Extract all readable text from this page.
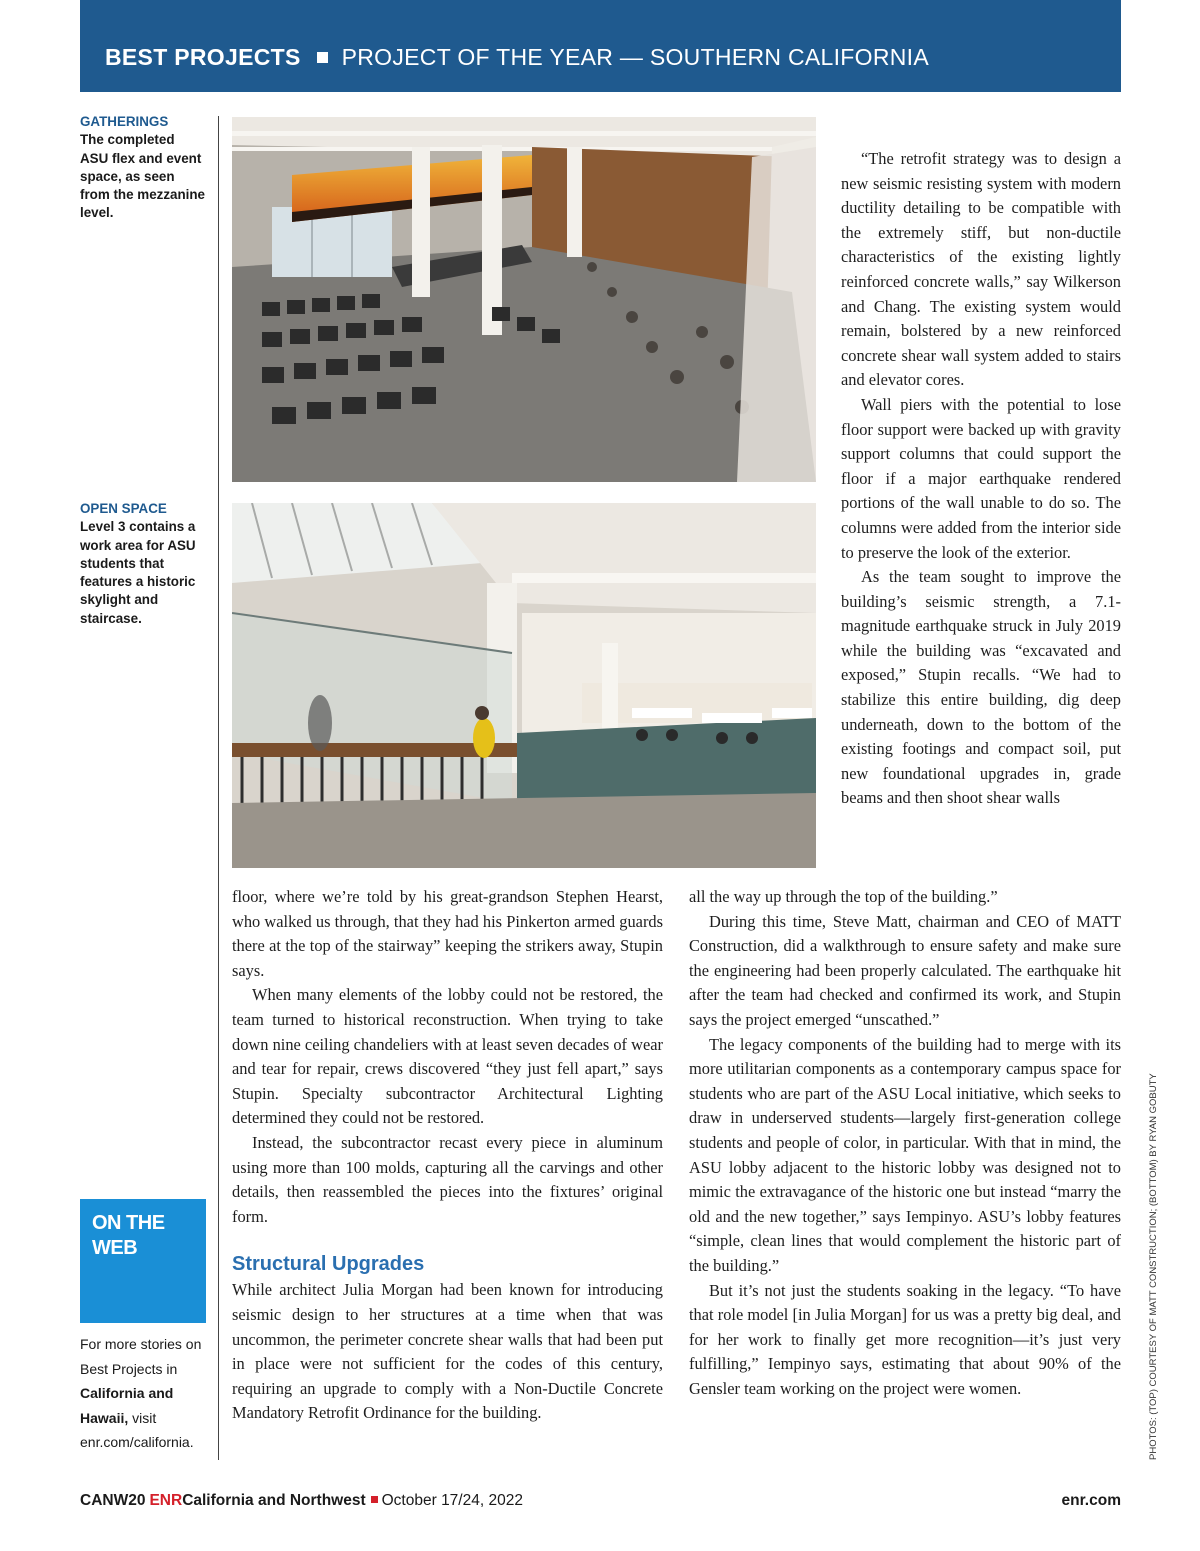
BEST PROJECTS PROJECT OF THE YEAR — SOUTHERN CALIFORNIA
GATHERINGS
The completed ASU flex and event space, as seen from the mezzanine level.
OPEN SPACE
Level 3 contains a work area for ASU students that features a historic skylight and staircase.

“The retrofit strategy was to design a new seismic resisting system with modern ductility detailing to be compatible with the extremely stiff, but non-ductile characteristics of the existing lightly reinforced concrete walls,” say Wilkerson and Chang. The existing system would remain, bolstered by a new reinforced concrete shear wall system added to stairs and elevator cores.

Wall piers with the potential to lose floor support were backed up with gravity support columns that could support the floor if a major earthquake rendered portions of the wall unable to do so. The columns were added from the interior side to preserve the look of the exterior.

As the team sought to improve the building’s seismic strength, a 7.1-magnitude earthquake struck in July 2019 while the building was “excavated and exposed,” Stupin recalls. “We had to stabilize this entire building, dig deep underneath, down to the bottom of the existing footings and compact soil, put new foundational upgrades in, grade beams and then shoot shear walls

floor, where we’re told by his great-grandson Stephen Hearst, who walked us through, that they had his Pinkerton armed guards there at the top of the stairway” keeping the strikers away, Stupin says.

When many elements of the lobby could not be restored, the team turned to historical reconstruction. When trying to take down nine ceiling chandeliers with at least seven decades of wear and tear for repair, crews discovered “they just fell apart,” says Stupin. Specialty subcontractor Architectural Lighting determined they could not be restored.

Instead, the subcontractor recast every piece in aluminum using more than 100 molds, capturing all the carvings and other details, then reassembled the pieces into the fixtures’ original form.

Structural Upgrades

While architect Julia Morgan had been known for introducing seismic design to her structures at a time when that was uncommon, the perimeter concrete shear walls that had been put in place were not sufficient for the codes of this century, requiring an upgrade to comply with a Non-Ductile Concrete Mandatory Retrofit Ordinance for the building.

all the way up through the top of the building.”

During this time, Steve Matt, chairman and CEO of MATT Construction, did a walkthrough to ensure safety and make sure the engineering had been properly calculated. The earthquake hit after the team had checked and confirmed its work, and Stupin says the project emerged “unscathed.”

The legacy components of the building had to merge with its more utilitarian components as a contemporary campus space for students who are part of the ASU Local initiative, which seeks to draw in underserved students—largely first-generation college students and people of color, in particular. With that in mind, the ASU lobby adjacent to the historic lobby was designed not to mimic the extravagance of the historic one but instead “marry the old and the new together,” says Iempinyo. ASU’s lobby features “simple, clean lines that would complement the historic part of the building.”

But it’s not just the students soaking in the legacy. “To have that role model [in Julia Morgan] for us was a pretty big deal, and for her work to finally get more recognition—it’s just very fulfilling,” Iempinyo says, estimating that about 90% of the Gensler team working on the project were women.

ON THE WEB
For more stories on Best Projects in California and Hawaii, visit enr.com/california.	PHOTOS: (TOP) COURTESY OF MATT CONSTRUCTION; (BOTTOM) BY RYAN GOBUTY
CANW20 ENRCalifornia and Northwest October 17/24, 2022	enr.com
